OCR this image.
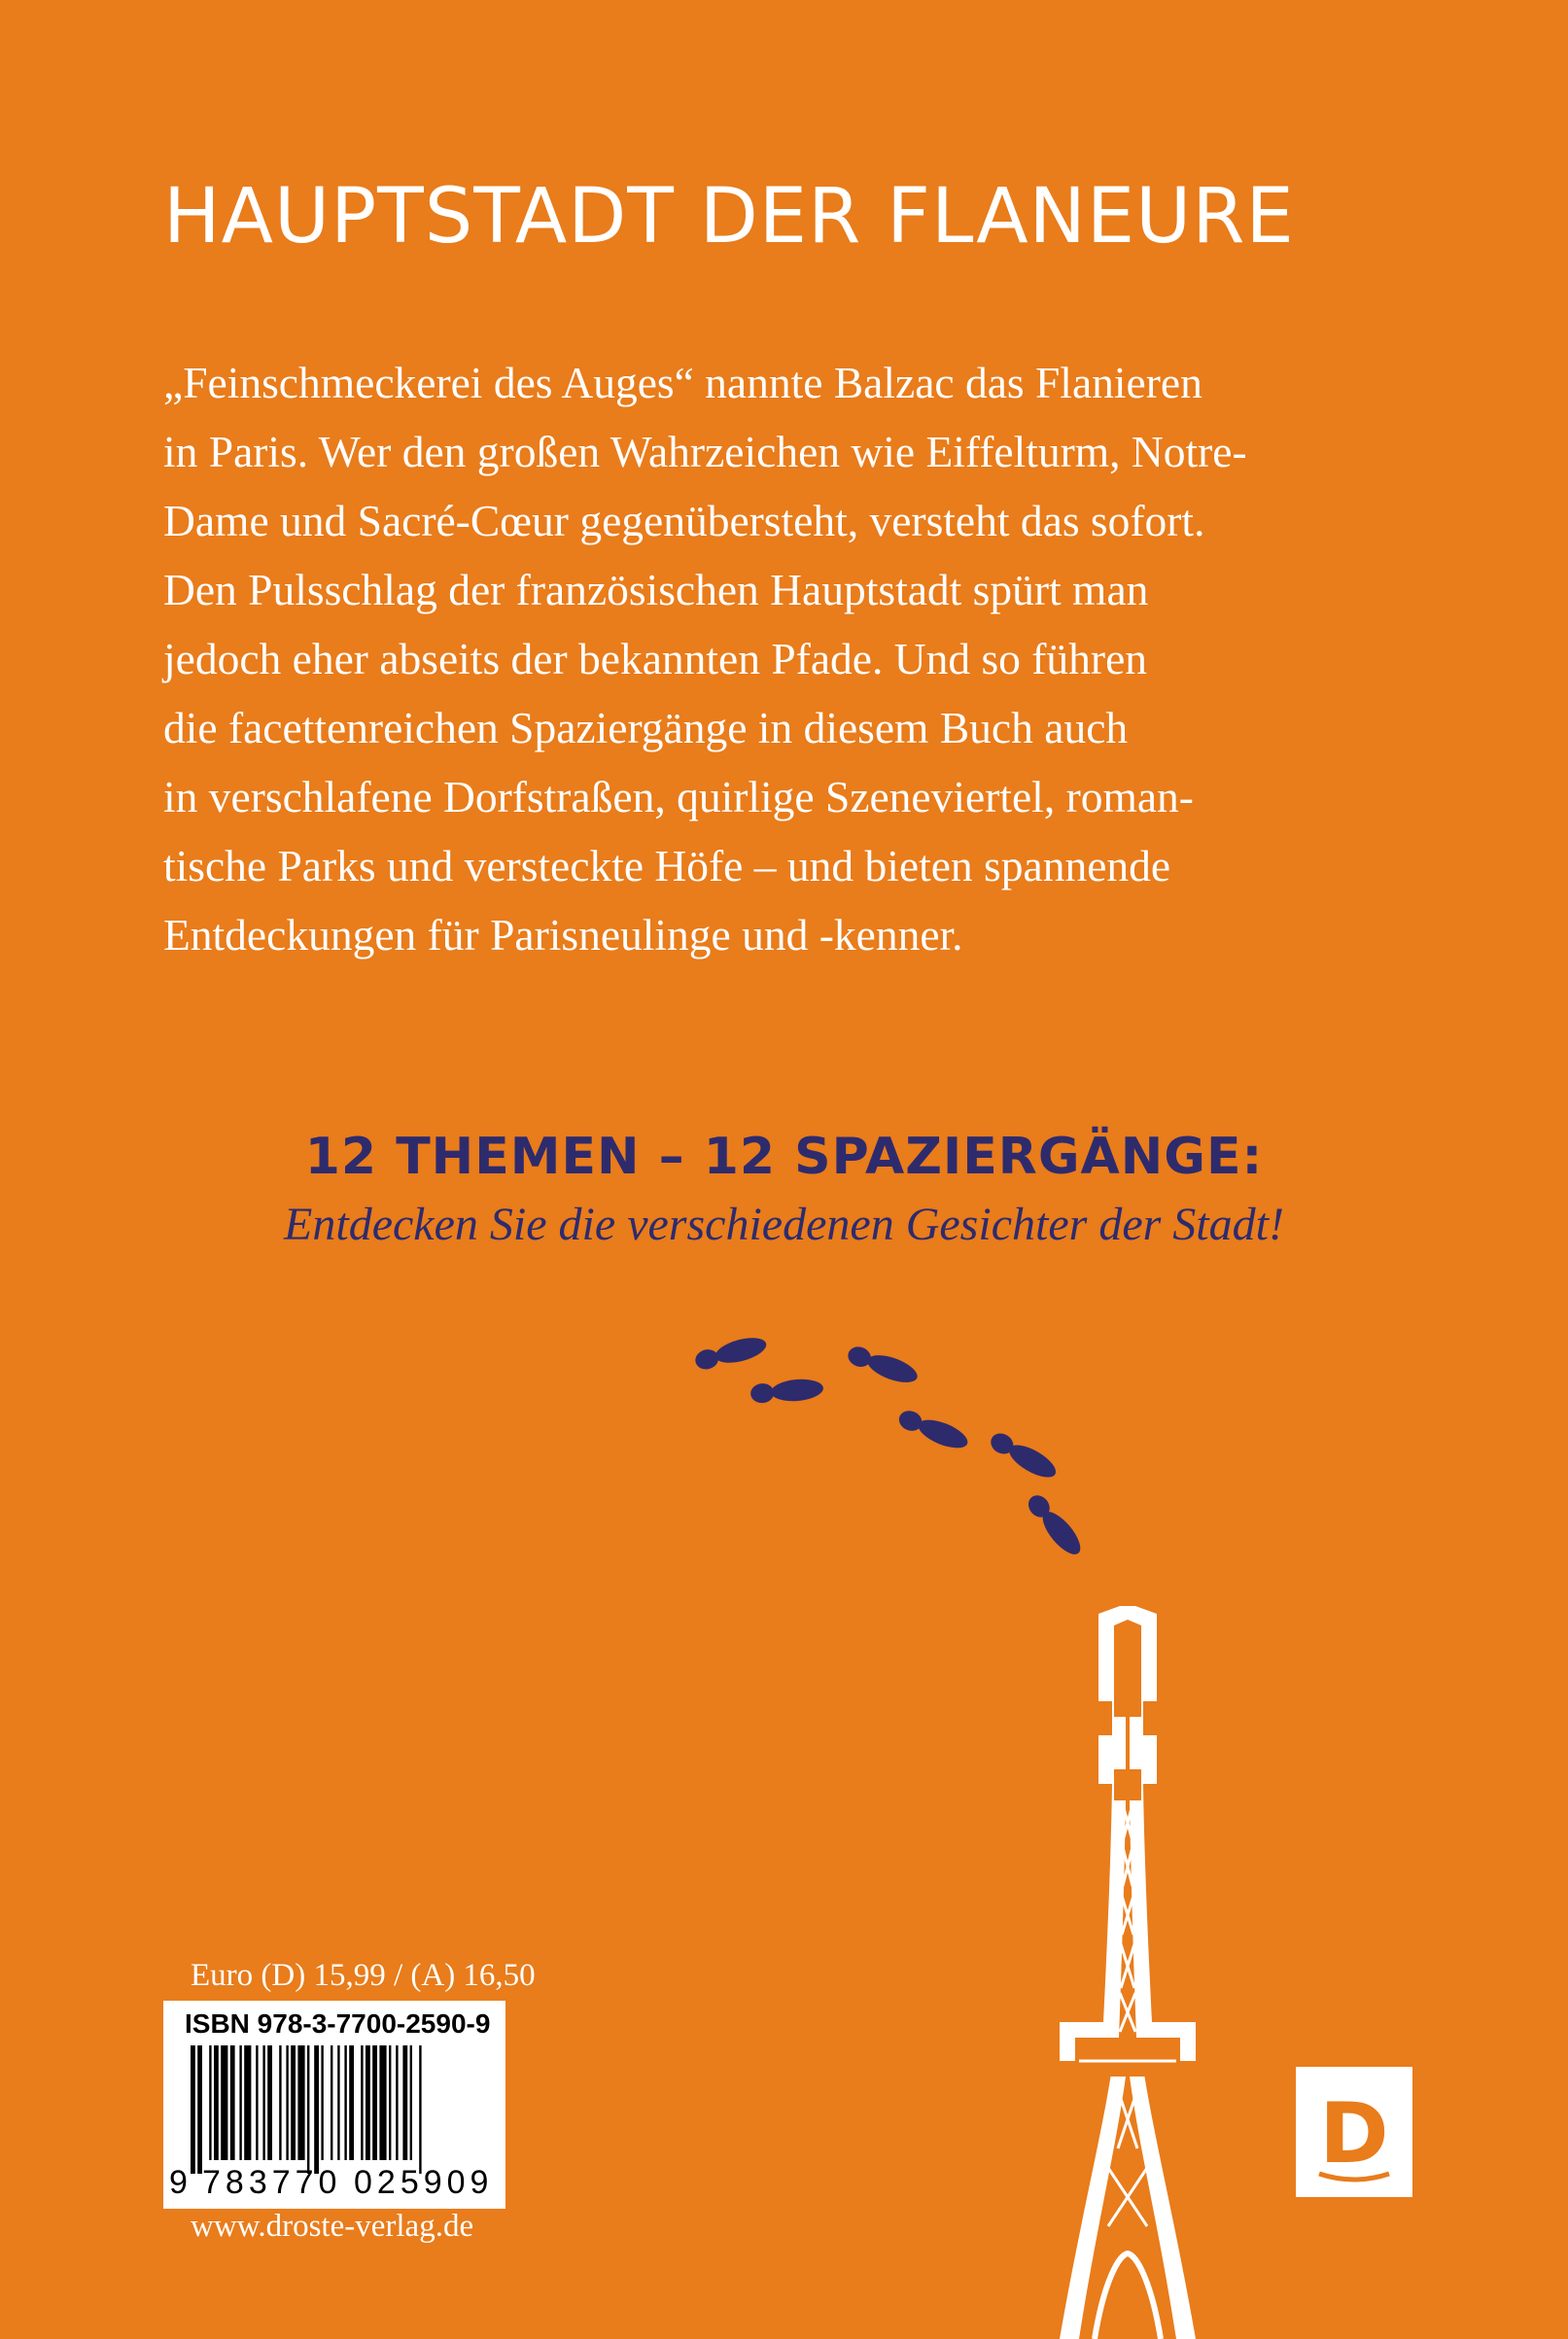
HAUPTSTADT DER FLANEURE
„Feinschmeckerei des Auges“ nannte Balzac das Flanieren
in Paris. Wer den großen Wahrzeichen wie Eiffelturm, Notre-
Dame und Sacré-Cœur gegenübersteht, versteht das sofort.
Den Pulsschlag der französischen Hauptstadt spürt man
jedoch eher abseits der bekannten Pfade. Und so führen
die facettenreichen Spaziergänge in diesem Buch auch
in verschlafene Dorfstraßen, quirlige Szeneviertel, roman-
tische Parks und versteckte Höfe – und bieten spannende
Entdeckungen für Parisneulinge und -kenner.
12 THEMEN – 12 SPAZIERGÄNGE:
Entdecken Sie die verschiedenen Gesichter der Stadt!
Euro (D) 15,99 / (A) 16,50
ISBN 978-3-7700-2590-9
9 783770 025909
www.droste-verlag.de
D
